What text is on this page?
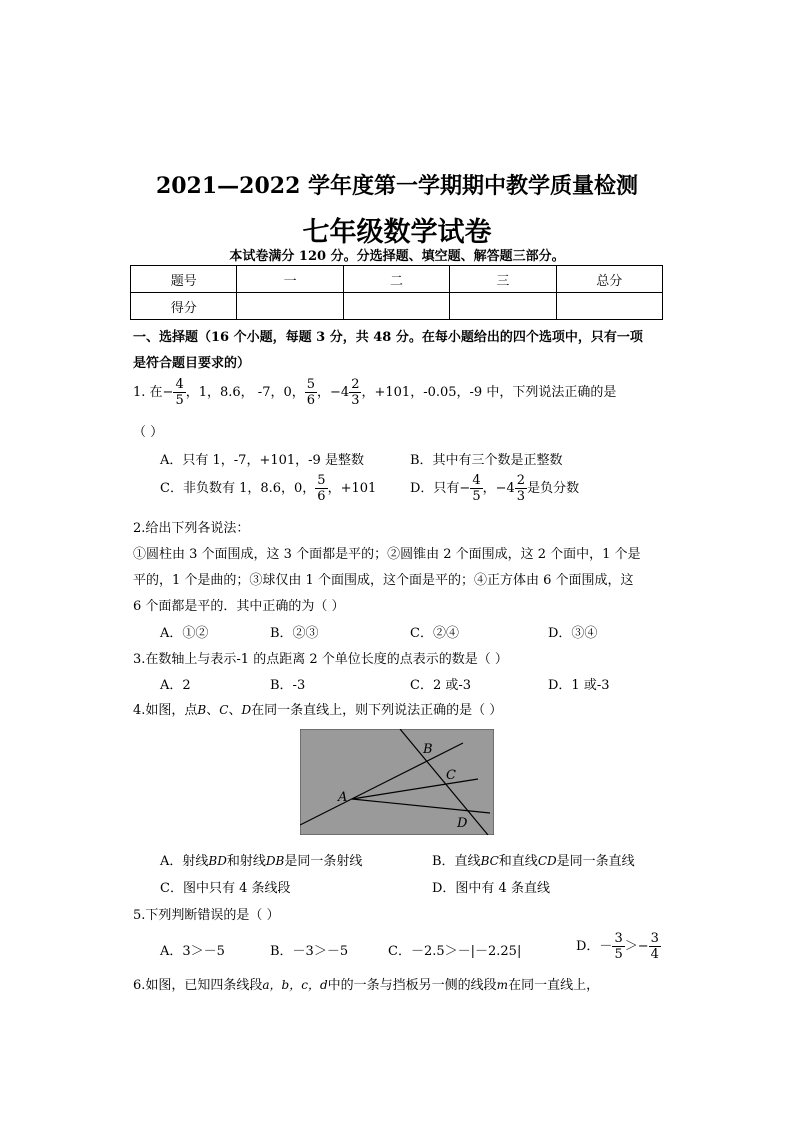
2021—2022 学年度第一学期期中教学质量检测
七年级数学试卷
本试卷满分 120 分。分选择题、填空题、解答题三部分。
题号	一	二	三	总分
得分				
一、选择题（16 个小题，每题 3 分，共 48 分。在每小题给出的四个选项中，只有一项
是符合题目要求的）
1. 在− $\frac{4}{5}$ ，1，8.6， -7，0， $\frac{5}{6}$ ，$-4 \frac{2}{3}$ ，+101，-0.05，-9 中，下列说法正确的是
（ ）
A．只有 1，-7，+101，-9 是整数	B．其中有三个数是正整数
C．非负数有 1，8.6，0， $\frac{5}{6}$ ，+101	D．只有− $\frac{4}{5}$ ，$-4 \frac{2}{3}$ 是负分数
2.给出下列各说法：
①圆柱由 3 个面围成，这 3 个面都是平的；②圆锥由 2 个面围成，这 2 个面中，1 个是
平的，1 个是曲的；③球仅由 1 个面围成，这个面是平的；④正方体由 6 个面围成，这
6 个面都是平的．其中正确的为（ ）
A．①②	B．②③	C．②④	D．③④
3.在数轴上与表示-1 的点距离 2 个单位长度的点表示的数是（ ）
A．2	B．-3	C．2 或-3	D．1 或-3
4.如图，点B、C、D在同一条直线上，则下列说法正确的是（ ）
A
B
C
D
A．射线BD和射线DB是同一条射线	B．直线BC和直线CD是同一条直线
C．图中只有 4 条线段	D．图中有 4 条直线
5.下列判断错误的是（ ）
A．3＞－5	B．－3＞－5	C．－2.5＞－|－2.25|	D．－ $\frac{3}{5} >- \frac{3}{4}$
6.如图，已知四条线段a，b，c，d中的一条与挡板另一侧的线段m在同一直线上，
